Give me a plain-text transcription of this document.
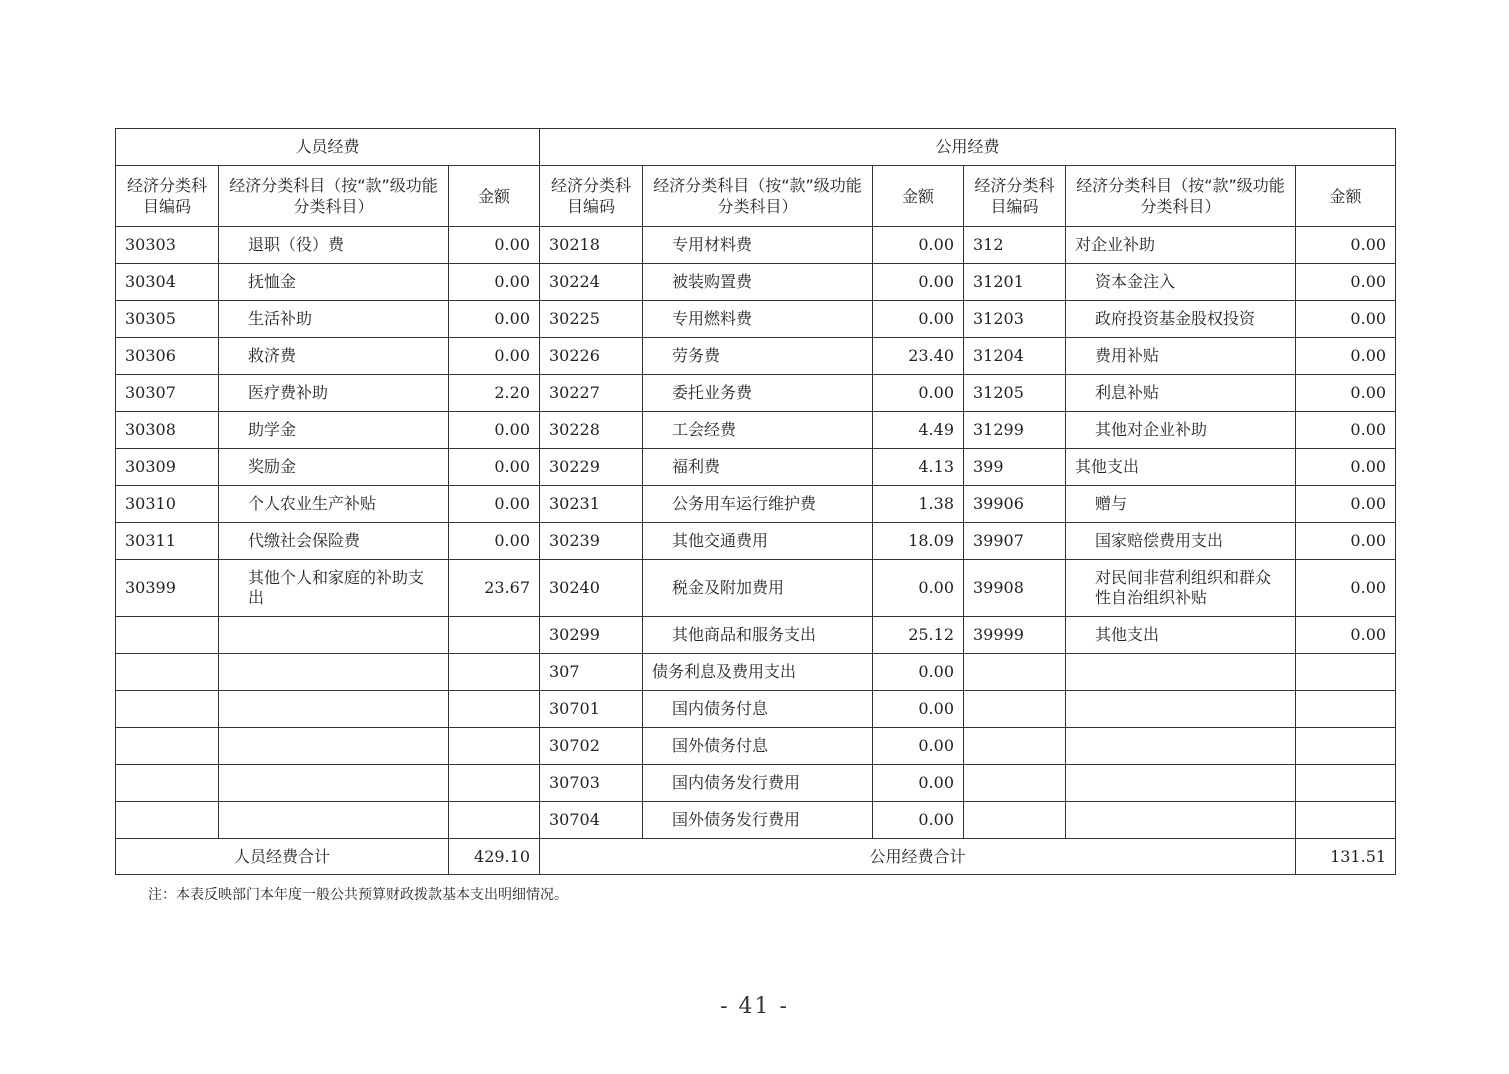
人员经费			公用经费					
经济分类科目编码	经济分类科目（按“款”级功能分类科目）	金额	经济分类科目编码	经济分类科目（按“款”级功能分类科目）	金额	经济分类科目编码	经济分类科目（按“款”级功能分类科目）	金额
30303	退职（役）费	0.00	30218	专用材料费	0.00	312	对企业补助	0.00
30304	抚恤金	0.00	30224	被装购置费	0.00	31201	资本金注入	0.00
30305	生活补助	0.00	30225	专用燃料费	0.00	31203	政府投资基金股权投资	0.00
30306	救济费	0.00	30226	劳务费	23.40	31204	费用补贴	0.00
30307	医疗费补助	2.20	30227	委托业务费	0.00	31205	利息补贴	0.00
30308	助学金	0.00	30228	工会经费	4.49	31299	其他对企业补助	0.00
30309	奖励金	0.00	30229	福利费	4.13	399	其他支出	0.00
30310	个人农业生产补贴	0.00	30231	公务用车运行维护费	1.38	39906	赠与	0.00
30311	代缴社会保险费	0.00	30239	其他交通费用	18.09	39907	国家赔偿费用支出	0.00
30399	其他个人和家庭的补助支出	23.67	30240	税金及附加费用	0.00	39908	对民间非营利组织和群众性自治组织补贴	0.00
			30299	其他商品和服务支出	25.12	39999	其他支出	0.00
			307	债务利息及费用支出	0.00			
			30701	国内债务付息	0.00			
			30702	国外债务付息	0.00			
			30703	国内债务发行费用	0.00			
			30704	国外债务发行费用	0.00			
人员经费合计		429.10	公用经费合计					131.51
注：本表反映部门本年度一般公共预算财政拨款基本支出明细情况。
- 41 -
